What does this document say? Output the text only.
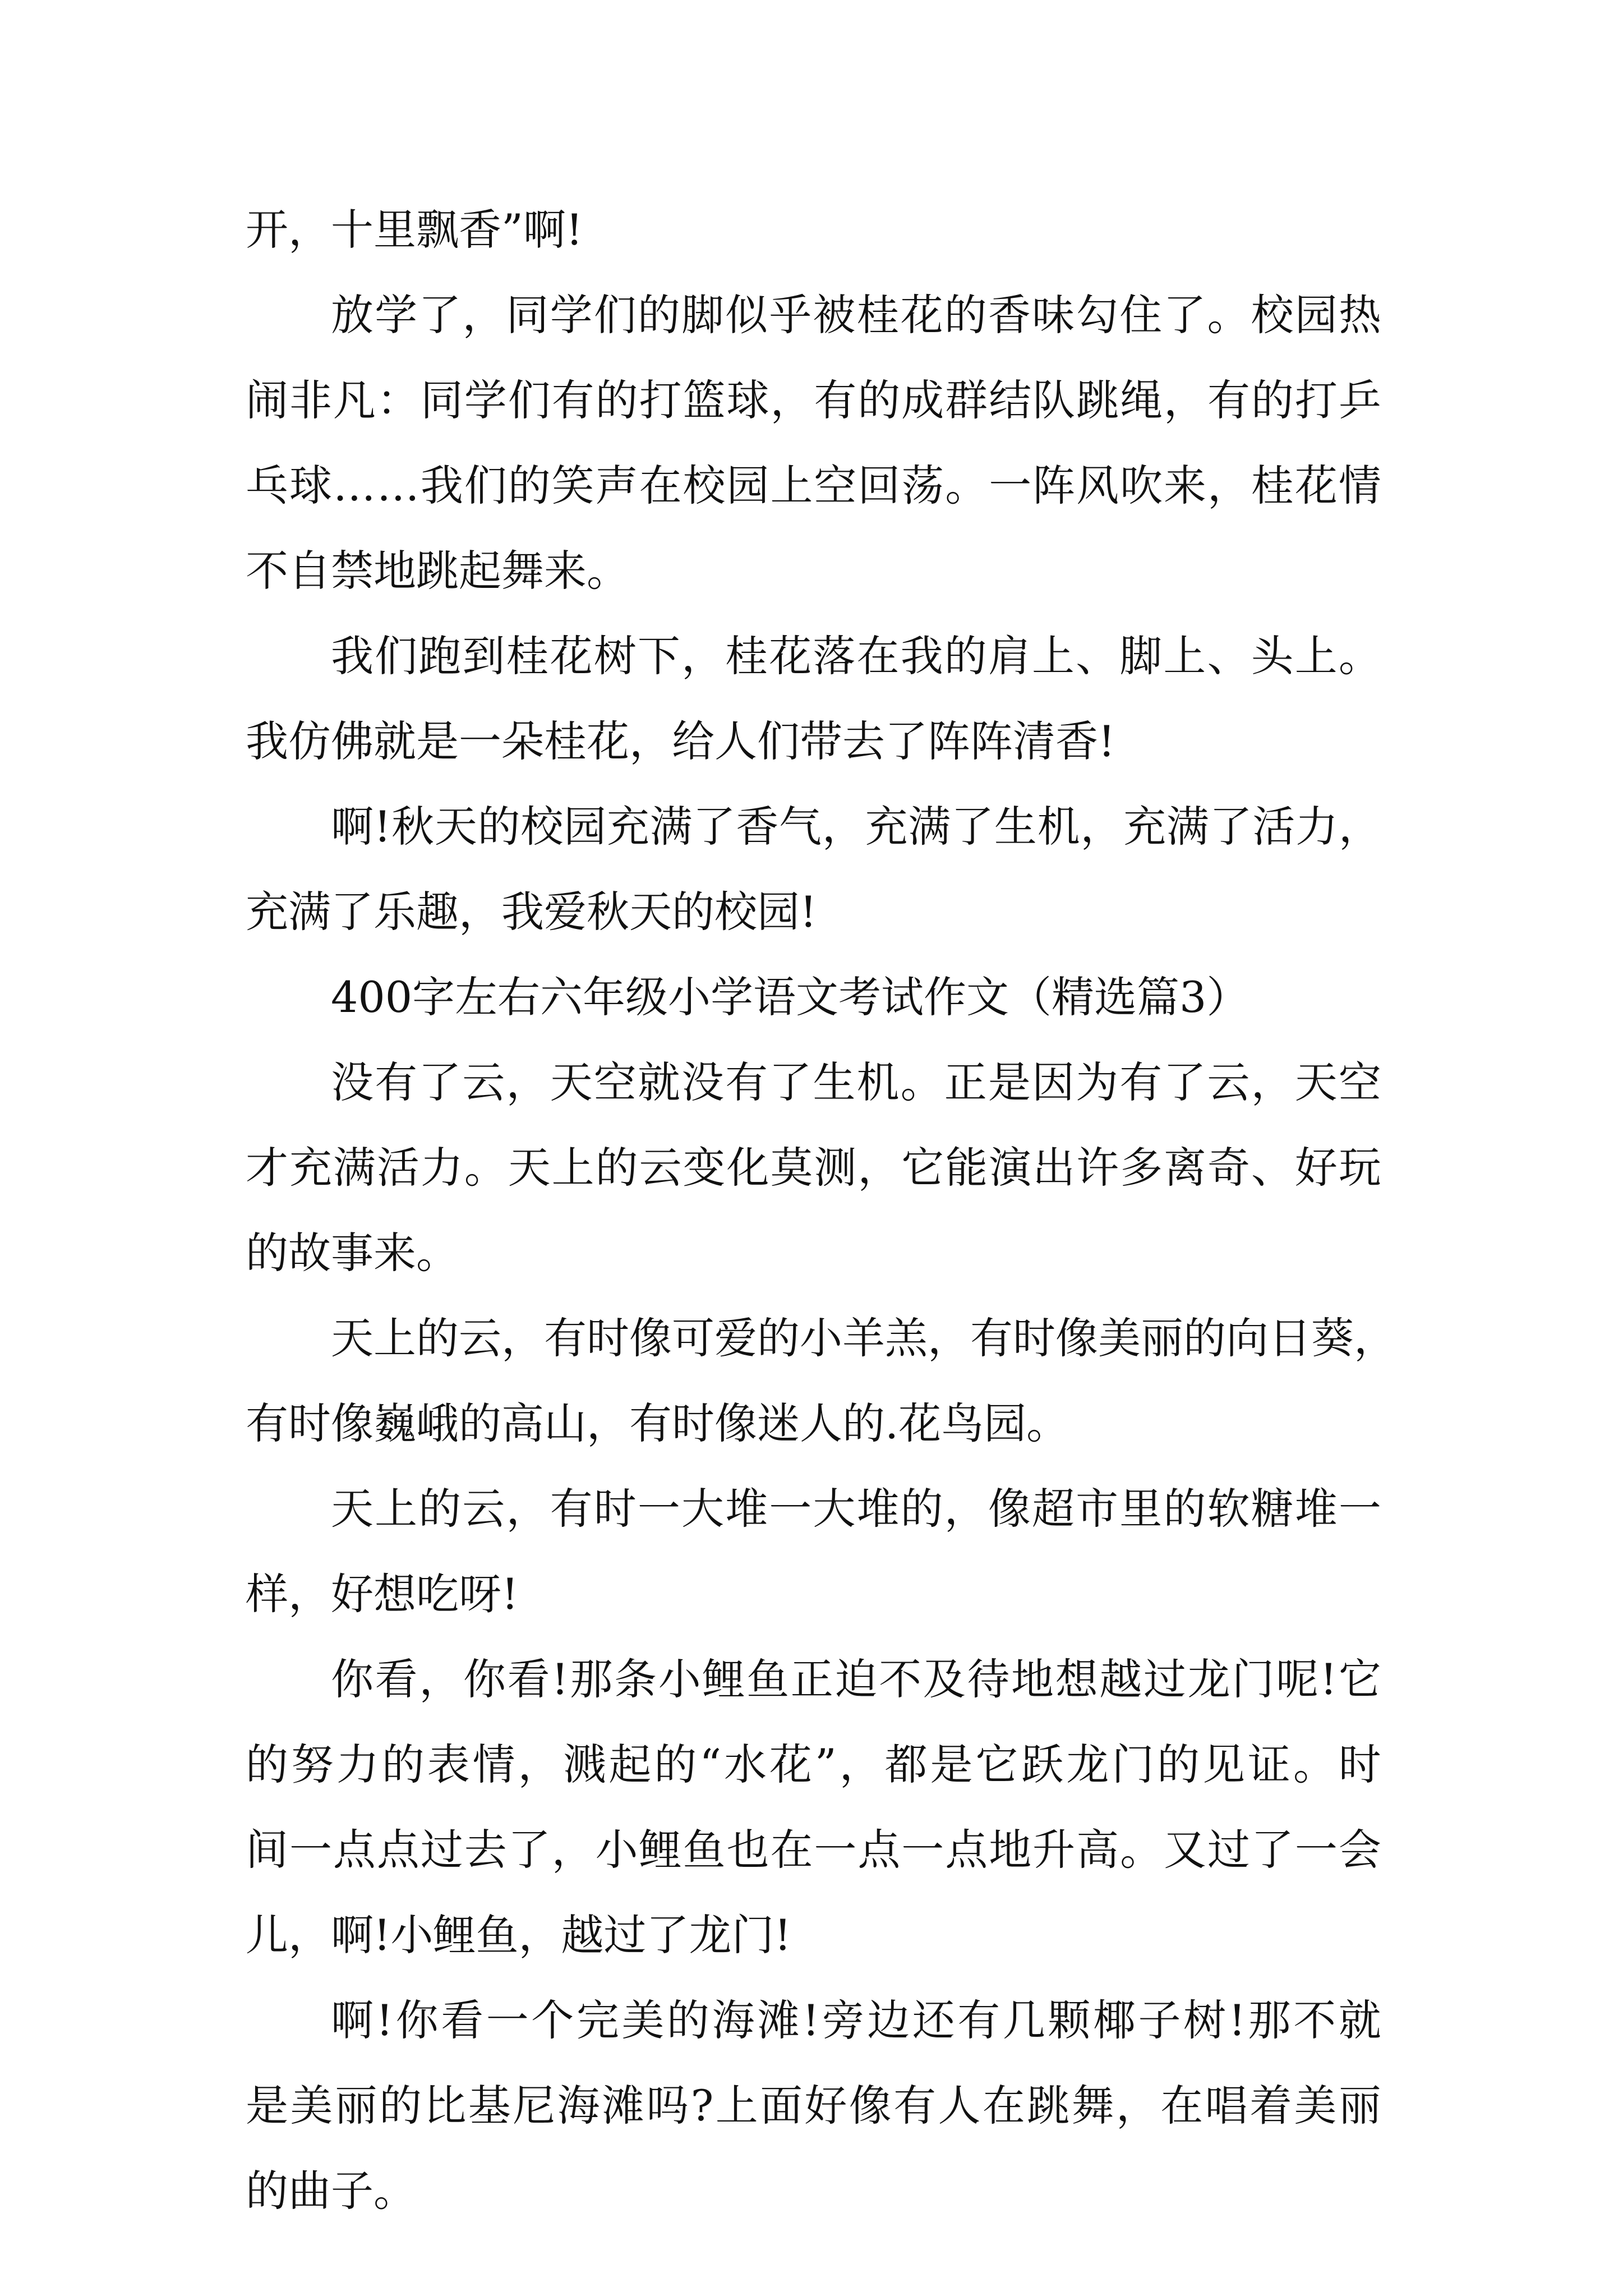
开，十里飘香”啊!
放 学 了 ， 同 学 们 的 脚 似 乎 被 桂 花 的 香 味 勾 住 了 。 校 园 热
闹 非 凡 ： 同 学 们 有 的 打 篮 球 ， 有 的 成 群 结 队 跳 绳 ， 有 的 打 乒
乓 球 … … 我 们 的 笑 声 在 校 园 上 空 回 荡 。 一 阵 风 吹 来 ， 桂 花 情
不自禁地跳起舞来。
我 们 跑 到 桂 花 树 下 ， 桂 花 落 在 我 的 肩 上 、 脚 上 、 头 上 。
我仿佛就是一朵桂花，给人们带去了阵阵清香!
啊 ! 秋 天 的 校 园 充 满 了 香 气 ， 充 满 了 生 机 ， 充 满 了 活 力 ，
充满了乐趣，我爱秋天的校园!
400字左右六年级小学语文考试作文（精选篇3）
没 有 了 云 ， 天 空 就 没 有 了 生 机 。 正 是 因 为 有 了 云 ， 天 空
才 充 满 活 力 。 天 上 的 云 变 化 莫 测 ， 它 能 演 出 许 多 离 奇 、 好 玩
的故事来。
天 上 的 云 ， 有 时 像 可 爱 的 小 羊 羔 ， 有 时 像 美 丽 的 向 日 葵 ，
有时像巍峨的高山，有时像迷人的.花鸟园。
天 上 的 云 ， 有 时 一 大 堆 一 大 堆 的 ， 像 超 市 里 的 软 糖 堆 一
样，好想吃呀!
你 看 ， 你 看 ! 那 条 小 鲤 鱼 正 迫 不 及 待 地 想 越 过 龙 门 呢 ! 它
的 努 力 的 表 情 ， 溅 起 的 “ 水 花 ” ， 都 是 它 跃 龙 门 的 见 证 。 时
间 一 点 点 过 去 了 ， 小 鲤 鱼 也 在 一 点 一 点 地 升 高 。 又 过 了 一 会
儿，啊!小鲤鱼，越过了龙门!
啊 ! 你 看 一 个 完 美 的 海 滩 ! 旁 边 还 有 几 颗 椰 子 树 ! 那 不 就
是 美 丽 的 比 基 尼 海 滩 吗 ? 上 面 好 像 有 人 在 跳 舞 ， 在 唱 着 美 丽
的曲子。
